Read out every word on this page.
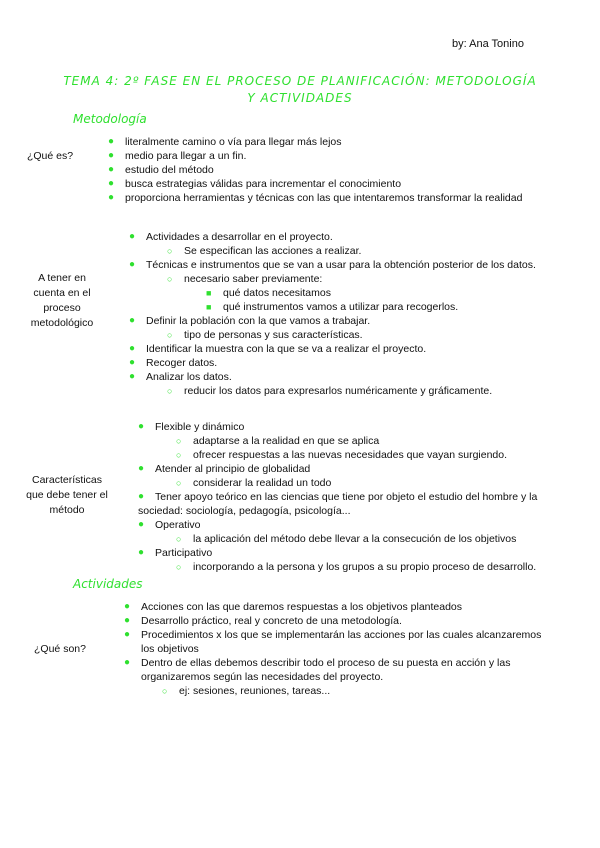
by: Ana Tonino
TEMA 4: 2º FASE EN EL PROCESO DE PLANIFICACIÓN: METODOLOGÍA
Y ACTIVIDADES
Metodología
¿Qué es?
● literalmente camino o vía para llegar más lejos
● medio para llegar a un fin.
● estudio del método
● busca estrategias válidas para incrementar el conocimiento
● proporciona herramientas y técnicas con las que intentaremos transformar la realidad
A tener en
cuenta en el
proceso
metodológico
● Actividades a desarrollar en el proyecto.
○ Se especifican las acciones a realizar.
● Técnicas e instrumentos que se van a usar para la obtención posterior de los datos.
○ necesario saber previamente:
■ qué datos necesitamos
■ qué instrumentos vamos a utilizar para recogerlos.
● Definir la población con la que vamos a trabajar.
○ tipo de personas y sus características.
● Identificar la muestra con la que se va a realizar el proyecto.
● Recoger datos.
● Analizar los datos.
○ reducir los datos para expresarlos numéricamente y gráficamente.
Características
que debe tener el
método
● Flexible y dinámico
○ adaptarse a la realidad en que se aplica
○ ofrecer respuestas a las nuevas necesidades que vayan surgiendo.
● Atender al principio de globalidad
○ considerar la realidad un todo
● Tener apoyo teórico en las ciencias que tiene por objeto el estudio del hombre y la
sociedad: sociología, pedagogía, psicología...
● Operativo
○ la aplicación del método debe llevar a la consecución de los objetivos
● Participativo
○ incorporando a la persona y los grupos a su propio proceso de desarrollo.
Actividades
¿Qué son?
● Acciones con las que daremos respuestas a los objetivos planteados
● Desarrollo práctico, real y concreto de una metodología.
● Procedimientos x los que se implementarán las acciones por las cuales alcanzaremos
los objetivos
● Dentro de ellas debemos describir todo el proceso de su puesta en acción y las
organizaremos según las necesidades del proyecto.
○ ej: sesiones, reuniones, tareas...
